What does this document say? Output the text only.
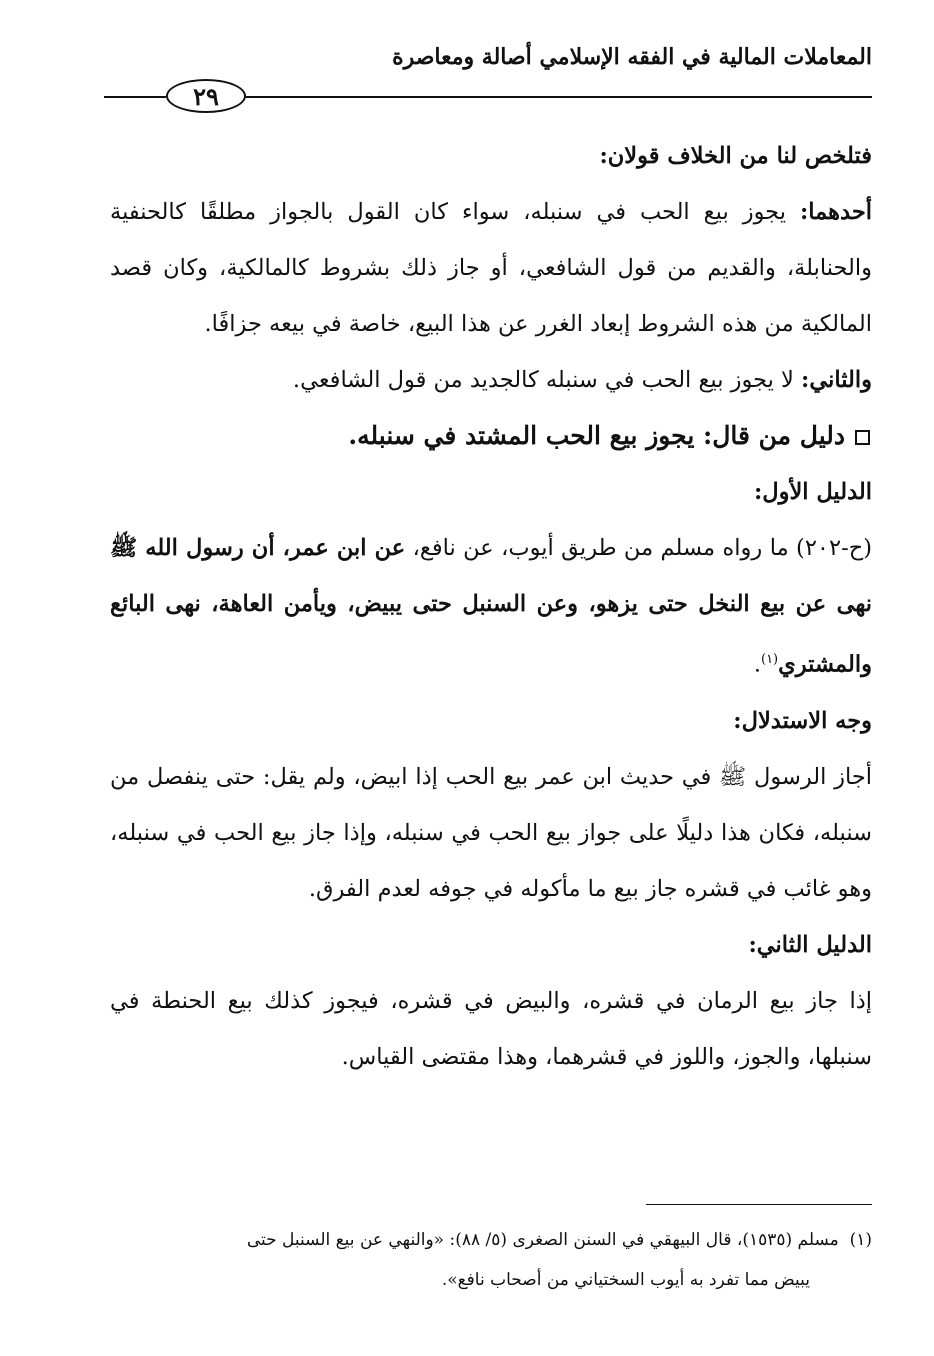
المعاملات المالية في الفقه الإسلامي أصالة ومعاصرة
٢٩

فتلخص لنا من الخلاف قولان:

أحدهما: يجوز بيع الحب في سنبله، سواء كان القول بالجواز مطلقًا كالحنفية والحنابلة، والقديم من قول الشافعي، أو جاز ذلك بشروط كالمالكية، وكان قصد المالكية من هذه الشروط إبعاد الغرر عن هذا البيع، خاصة في بيعه جزافًا.

والثاني: لا يجوز بيع الحب في سنبله كالجديد من قول الشافعي.

دليل من قال: يجوز بيع الحب المشتد في سنبله.

الدليل الأول:

(ح-٢٠٢) ما رواه مسلم من طريق أيوب، عن نافع، عن ابن عمر، أن رسول الله ﷺ نهى عن بيع النخل حتى يزهو، وعن السنبل حتى يبيض، ويأمن العاهة، نهى البائع والمشتري$^{(١)}$.

وجه الاستدلال:

أجاز الرسول ﷺ في حديث ابن عمر بيع الحب إذا ابيض، ولم يقل: حتى ينفصل من سنبله، فكان هذا دليلًا على جواز بيع الحب في سنبله، وإذا جاز بيع الحب في سنبله، وهو غائب في قشره جاز بيع ما مأكوله في جوفه لعدم الفرق.

الدليل الثاني:

إذا جاز بيع الرمان في قشره، والبيض في قشره، فيجوز كذلك بيع الحنطة في سنبلها، والجوز، واللوز في قشرهما، وهذا مقتضى القياس.

(١)  مسلم (١٥٣٥)، قال البيهقي في السنن الصغرى (٥/ ٨٨): «والنهي عن بيع السنبل حتى

يبيض مما تفرد به أيوب السختياني من أصحاب نافع».
